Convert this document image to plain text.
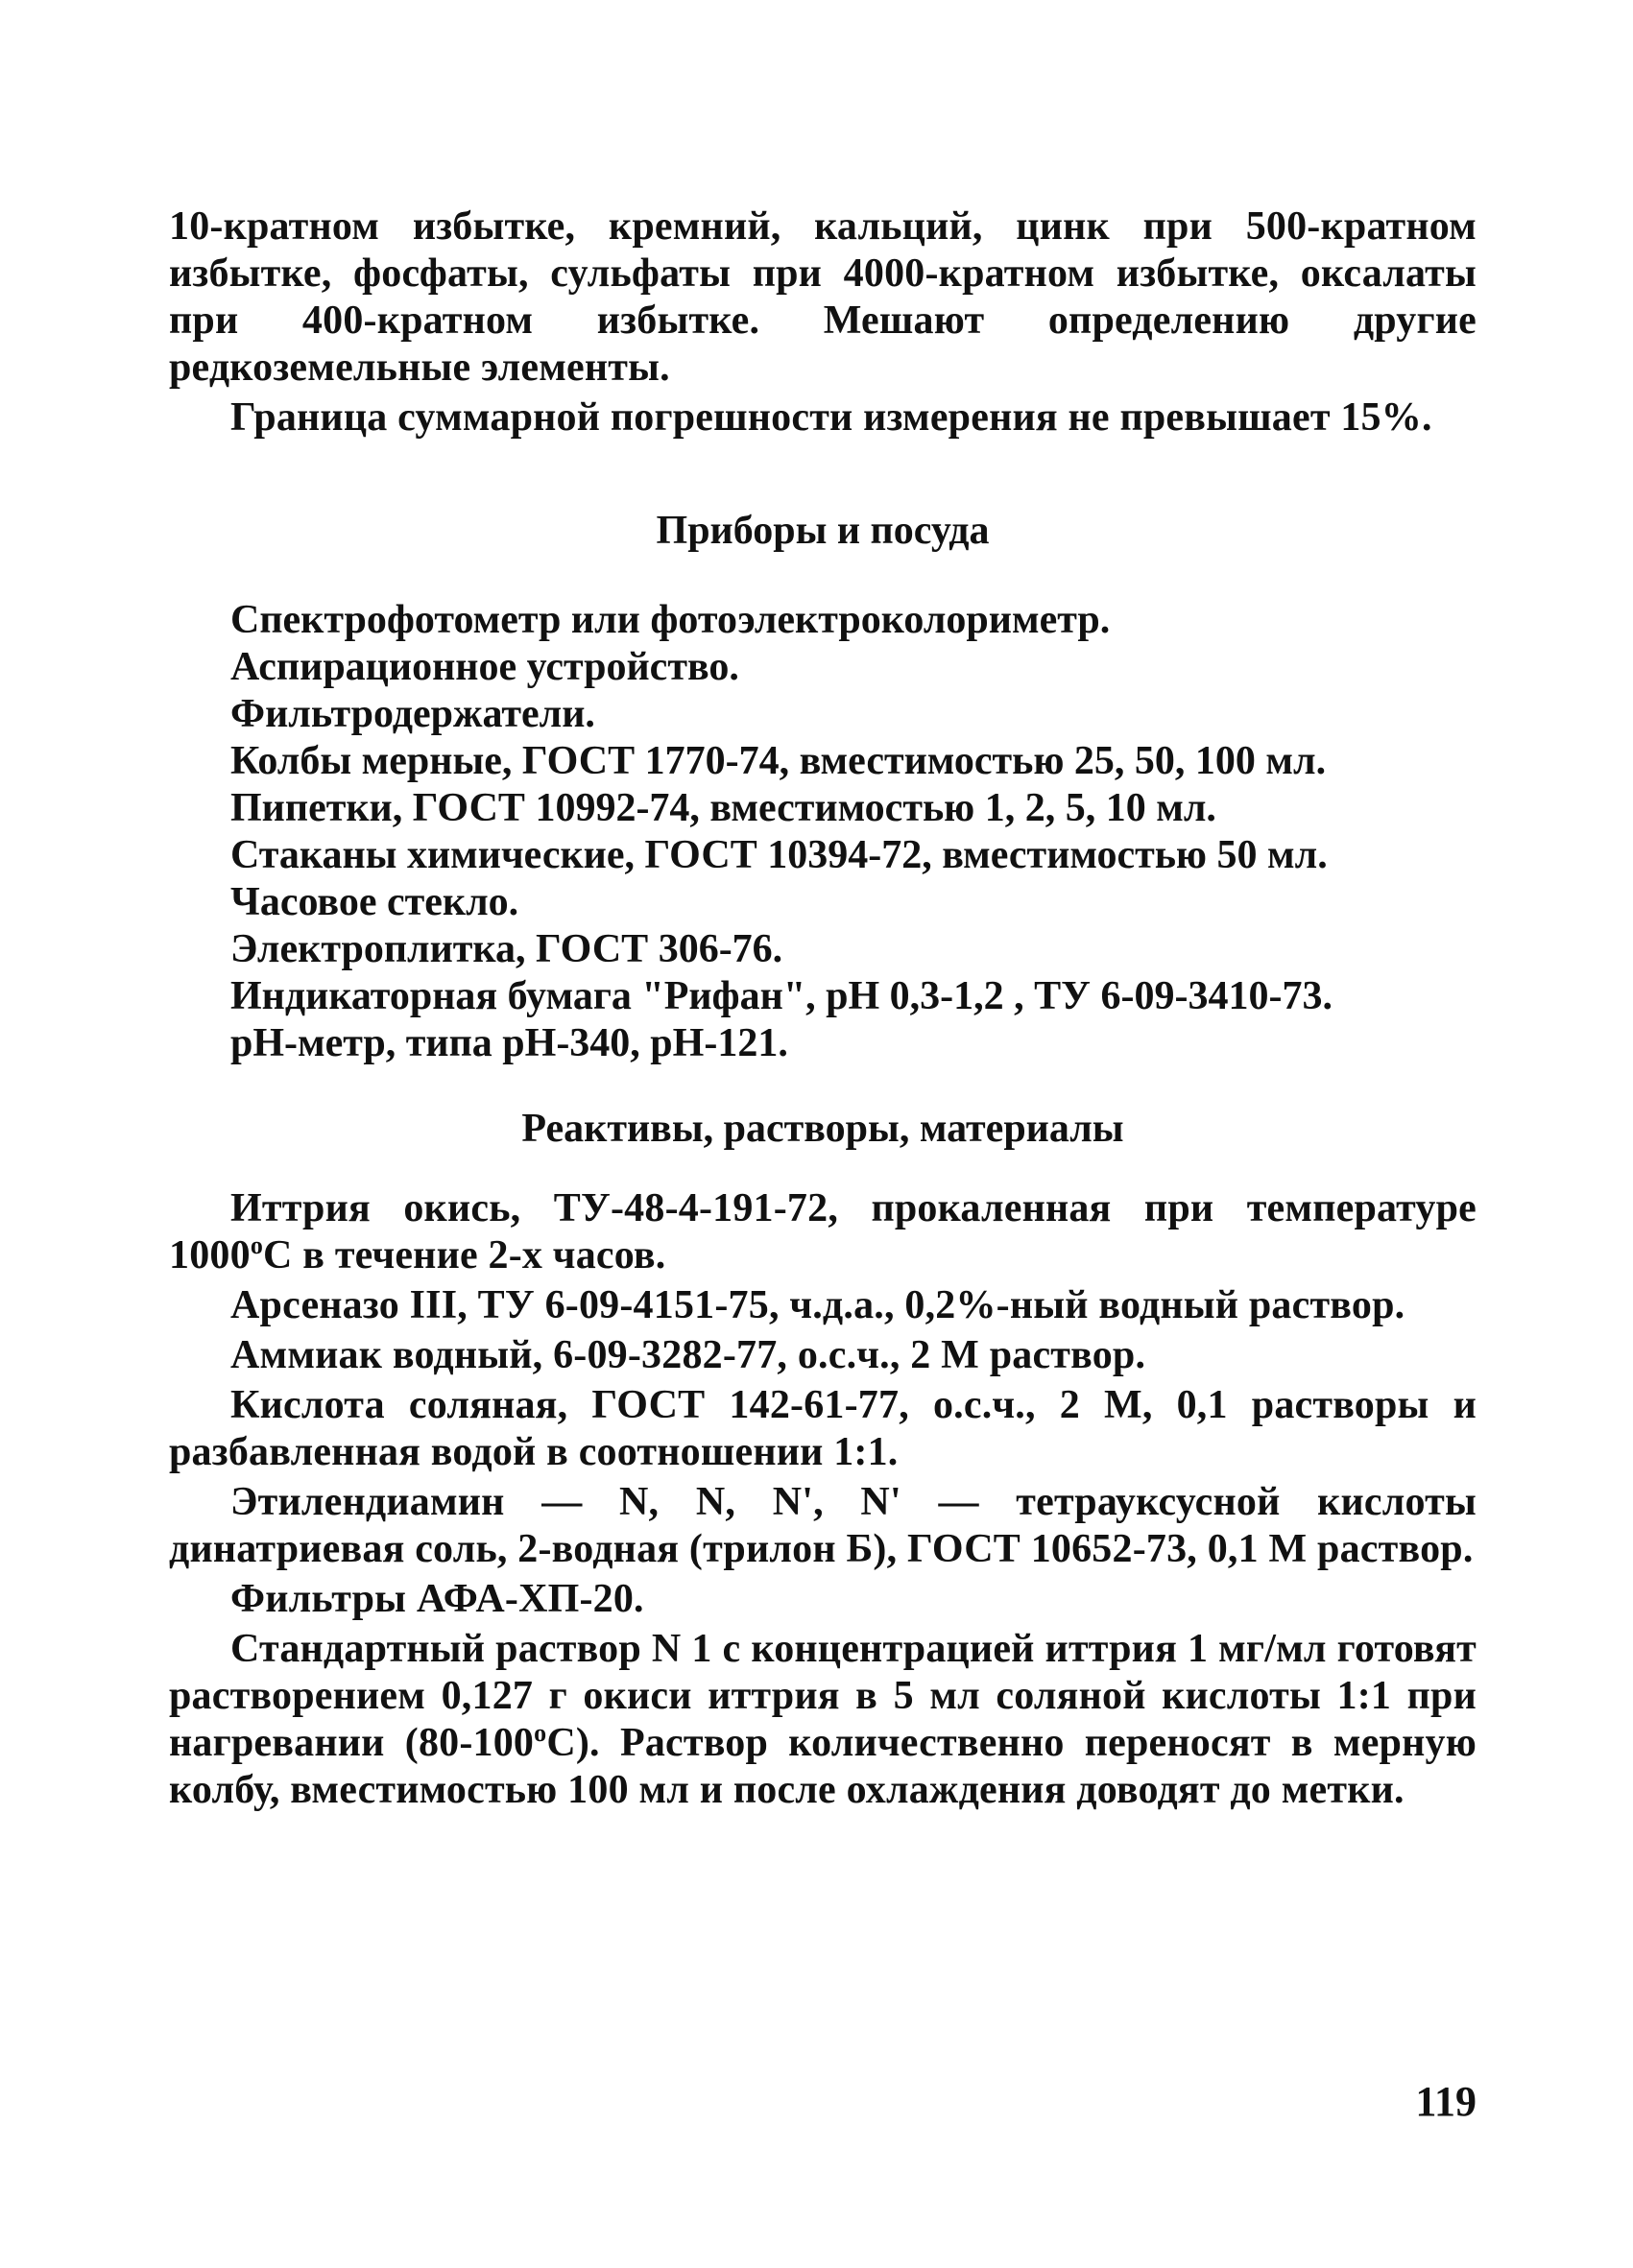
10-кратном избытке, кремний, кальций, цинк при 500-кратном избытке, фосфаты, сульфаты при 4000-кратном избытке, оксалаты при 400-кратном избытке. Мешают определению другие редкоземельные элементы.

Граница суммарной погрешности измерения не превышает 15%.

Приборы и посуда
Спектрофотометр или фотоэлектроколориметр.
Аспирационное устройство.
Фильтродержатели.
Колбы мерные, ГОСТ 1770-74, вместимостью 25, 50, 100 мл.
Пипетки, ГОСТ 10992-74, вместимостью 1, 2, 5, 10 мл.
Стаканы химические, ГОСТ 10394-72, вместимостью 50 мл.
Часовое стекло.
Электроплитка, ГОСТ 306-76.
Индикаторная бумага "Рифан", pH 0,3-1,2 , ТУ 6-09-3410-73.
pH-метр, типа pH-340, pH-121.
Реактивы, растворы, материалы

Иттрия окись, ТУ-48-4-191-72, прокаленная при температуре $1000^оС$ в течение 2-х часов.

Арсеназо III, ТУ 6-09-4151-75, ч.д.а., 0,2%-ный водный раствор.

Аммиак водный, 6-09-3282-77, о.с.ч., 2 М раствор.

Кислота соляная, ГОСТ 142-61-77, о.с.ч., 2 М, 0,1 растворы и разбавленная водой в соотношении 1:1.

Этилендиамин — N, N, N', N' — тетрауксусной кислоты динатриевая соль, 2-водная (трилон Б), ГОСТ 10652-73, 0,1 М раствор.

Фильтры АФА-ХП-20.

Стандартный раствор N 1 с концентрацией иттрия 1 мг/мл готовят растворением 0,127 г окиси иттрия в 5 мл соляной кислоты 1:1 при нагревании $(80-100^оС)$. Раствор количественно переносят в мерную колбу, вместимостью 100 мл и после охлаждения доводят до метки.

119
